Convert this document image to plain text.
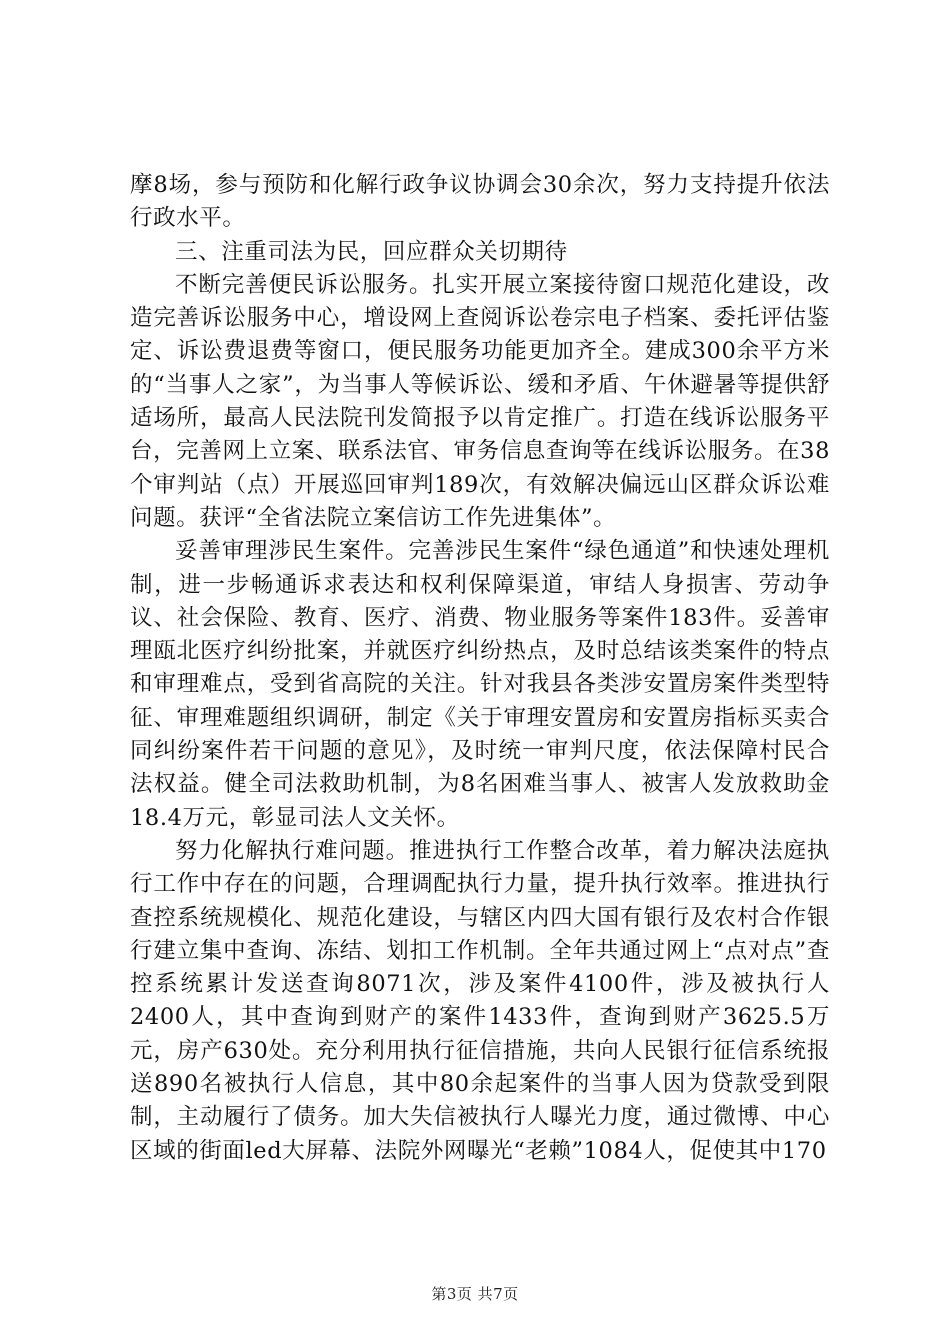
摩8场，参与预防和化解行政争议协调会30余次，努力支持提升依法行政水平。

三、注重司法为民，回应群众关切期待

不断完善便民诉讼服务。扎实开展立案接待窗口规范化建设，改造完善诉讼服务中心，增设网上查阅诉讼卷宗电子档案、委托评估鉴定、诉讼费退费等窗口，便民服务功能更加齐全。建成300余平方米的“当事人之家”，为当事人等候诉讼、缓和矛盾、午休避暑等提供舒适场所，最高人民法院刊发简报予以肯定推广。打造在线诉讼服务平台，完善网上立案、联系法官、审务信息查询等在线诉讼服务。在38个审判站（点）开展巡回审判189次，有效解决偏远山区群众诉讼难问题。获评“全省法院立案信访工作先进集体”。

妥善审理涉民生案件。完善涉民生案件“绿色通道”和快速处理机制，进一步畅通诉求表达和权利保障渠道，审结人身损害、劳动争议、社会保险、教育、医疗、消费、物业服务等案件183件。妥善审理瓯北医疗纠纷批案，并就医疗纠纷热点，及时总结该类案件的特点和审理难点，受到省高院的关注。针对我县各类涉安置房案件类型特征、审理难题组织调研，制定《关于审理安置房和安置房指标买卖合同纠纷案件若干问题的意见》，及时统一审判尺度，依法保障村民合法权益。健全司法救助机制，为8名困难当事人、被害人发放救助金18.4万元，彰显司法人文关怀。

努力化解执行难问题。推进执行工作整合改革，着力解决法庭执行工作中存在的问题，合理调配执行力量，提升执行效率。推进执行查控系统规模化、规范化建设，与辖区内四大国有银行及农村合作银行建立集中查询、冻结、划扣工作机制。全年共通过网上“点对点”查控系统累计发送查询8071次，涉及案件4100件，涉及被执行人2400人，其中查询到财产的案件1433件，查询到财产3625.5万元，房产630处。充分利用执行征信措施，共向人民银行征信系统报送890名被执行人信息，其中80余起案件的当事人因为贷款受到限制，主动履行了债务。加大失信被执行人曝光力度，通过微博、中心区域的街面led大屏幕、法院外网曝光“老赖”1084人，促使其中170

第3页 共7页
